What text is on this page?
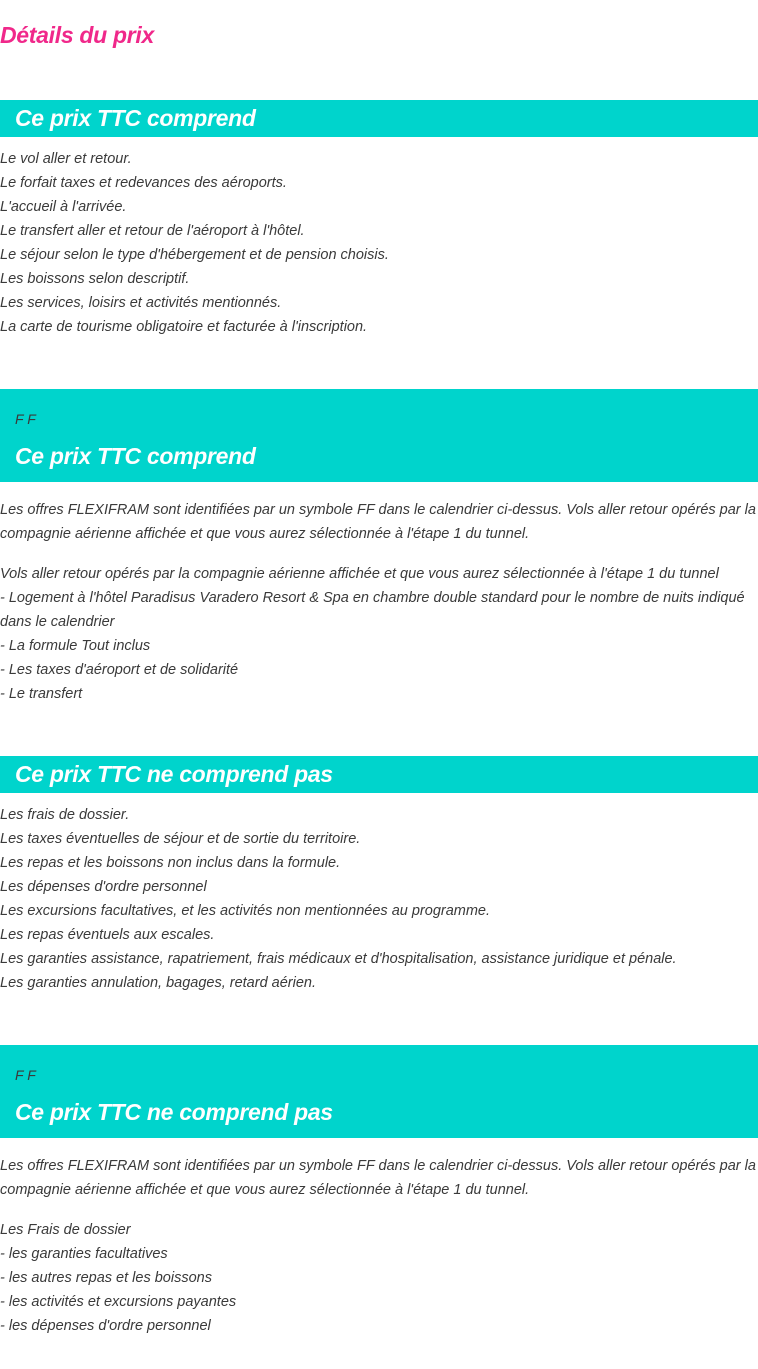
Détails du prix
Ce prix TTC comprend
Le vol aller et retour.
Le forfait taxes et redevances des aéroports.
L'accueil à l'arrivée.
Le transfert aller et retour de l'aéroport à l'hôtel.
Le séjour selon le type d'hébergement et de pension choisis.
Les boissons selon descriptif.
Les services, loisirs et activités mentionnés.
La carte de tourisme obligatoire et facturée à l'inscription.
F F
Ce prix TTC comprend

Les offres FLEXIFRAM sont identifiées par un symbole FF dans le calendrier ci-dessus. Vols aller retour opérés par la compagnie aérienne affichée et que vous aurez sélectionnée à l'étape 1 du tunnel.

Vols aller retour opérés par la compagnie aérienne affichée et que vous aurez sélectionnée à l'étape 1 du tunnel
- Logement à l'hôtel Paradisus Varadero Resort & Spa en chambre double standard pour le nombre de nuits indiqué dans le calendrier
- La formule Tout inclus
- Les taxes d'aéroport et de solidarité
- Le transfert
Ce prix TTC ne comprend pas
Les frais de dossier.
Les taxes éventuelles de séjour et de sortie du territoire.
Les repas et les boissons non inclus dans la formule.
Les dépenses d'ordre personnel
Les excursions facultatives, et les activités non mentionnées au programme.
Les repas éventuels aux escales.
Les garanties assistance, rapatriement, frais médicaux et d'hospitalisation, assistance juridique et pénale.
Les garanties annulation, bagages, retard aérien.
F F
Ce prix TTC ne comprend pas

Les offres FLEXIFRAM sont identifiées par un symbole FF dans le calendrier ci-dessus. Vols aller retour opérés par la compagnie aérienne affichée et que vous aurez sélectionnée à l'étape 1 du tunnel.

Les Frais de dossier
- les garanties facultatives
- les autres repas et les boissons
- les activités et excursions payantes
- les dépenses d'ordre personnel
